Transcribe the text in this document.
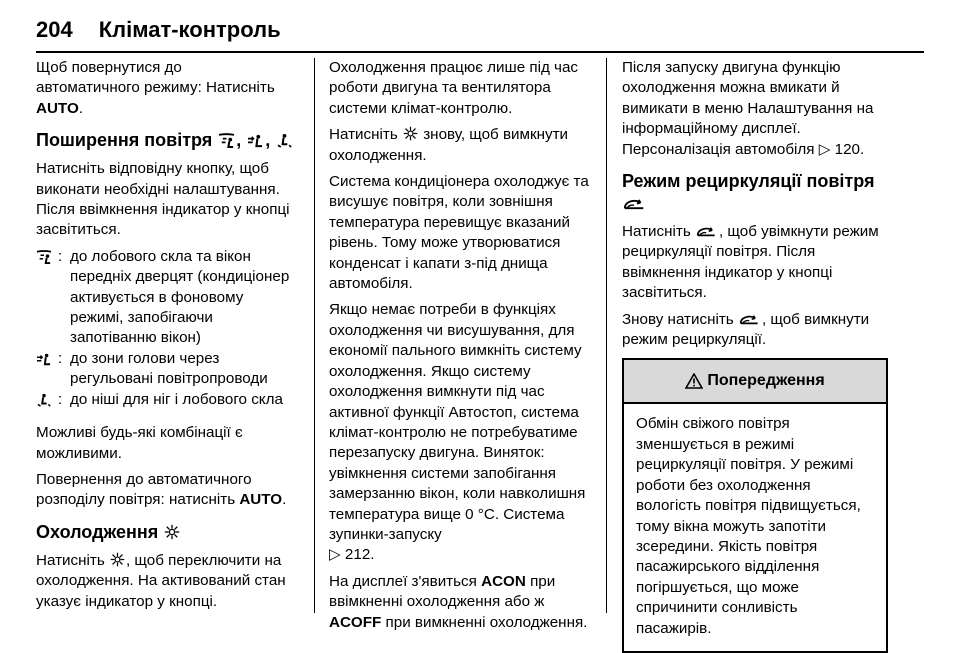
204 Клімат-контроль

Щоб повернутися до
автоматичного режиму: Натисніть
AUTO.

Поширення повітря , ,

Натисніть відповідну кнопку, щоб виконати необхідні налаштування. Після ввімкнення індикатор у кнопці засвітиться.

: до лобового скла та вікон передніх дверцят (кондиціонер активується в фоновому режимі, запобігаючи запотіванню вікон)
: до зони голови через регульовані повітропроводи
: до ніші для ніг і лобового скла

Можливі будь-які комбінації є можливими.

Повернення до автоматичного розподілу повітря: натисніть AUTO.

Охолодження

Натисніть , щоб переключити на охолодження. На активований стан указує індикатор у кнопці.

Охолодження працює лише під час роботи двигуна та вентилятора системи клімат-контролю.

Натисніть знову, щоб вимкнути охолодження.

Система кондиціонера охолоджує та висушує повітря, коли зовнішня температура перевищує вказаний рівень. Тому може утворюватися конденсат і капати з-під днища автомобіля.

Якщо немає потреби в функціях охолодження чи висушування, для економії пального вимкніть систему охолодження. Якщо систему охолодження вимкнути під час активної функції Автостоп, система клімат-контролю не потребуватиме перезапуску двигуна. Виняток: увімкнення системи запобігання замерзанню вікон, коли навколишня температура вище 0 °C. Система зупинки-запуску
▷ 212.

На дисплеї з'явиться ACON при ввімкненні охолодження або ж
ACOFF при вимкненні охолодження.

Після запуску двигуна функцію охолодження можна вмикати й вимикати в меню Налаштування на інформаційному дисплеї. Персоналізація автомобіля ▷ 120.

Режим рециркуляції повітря

Натисніть , щоб увімкнути режим рециркуляції повітря. Після ввімкнення індикатор у кнопці засвітиться.

Знову натисніть , щоб вимкнути режим рециркуляції.

Попередження
Обмін свіжого повітря зменшується в режимі рециркуляції повітря. У режимі роботи без охолодження вологість повітря підвищується, тому вікна можуть запотіти зсередини. Якість повітря пасажирського відділення погіршується, що може спричинити сонливість пасажирів.
